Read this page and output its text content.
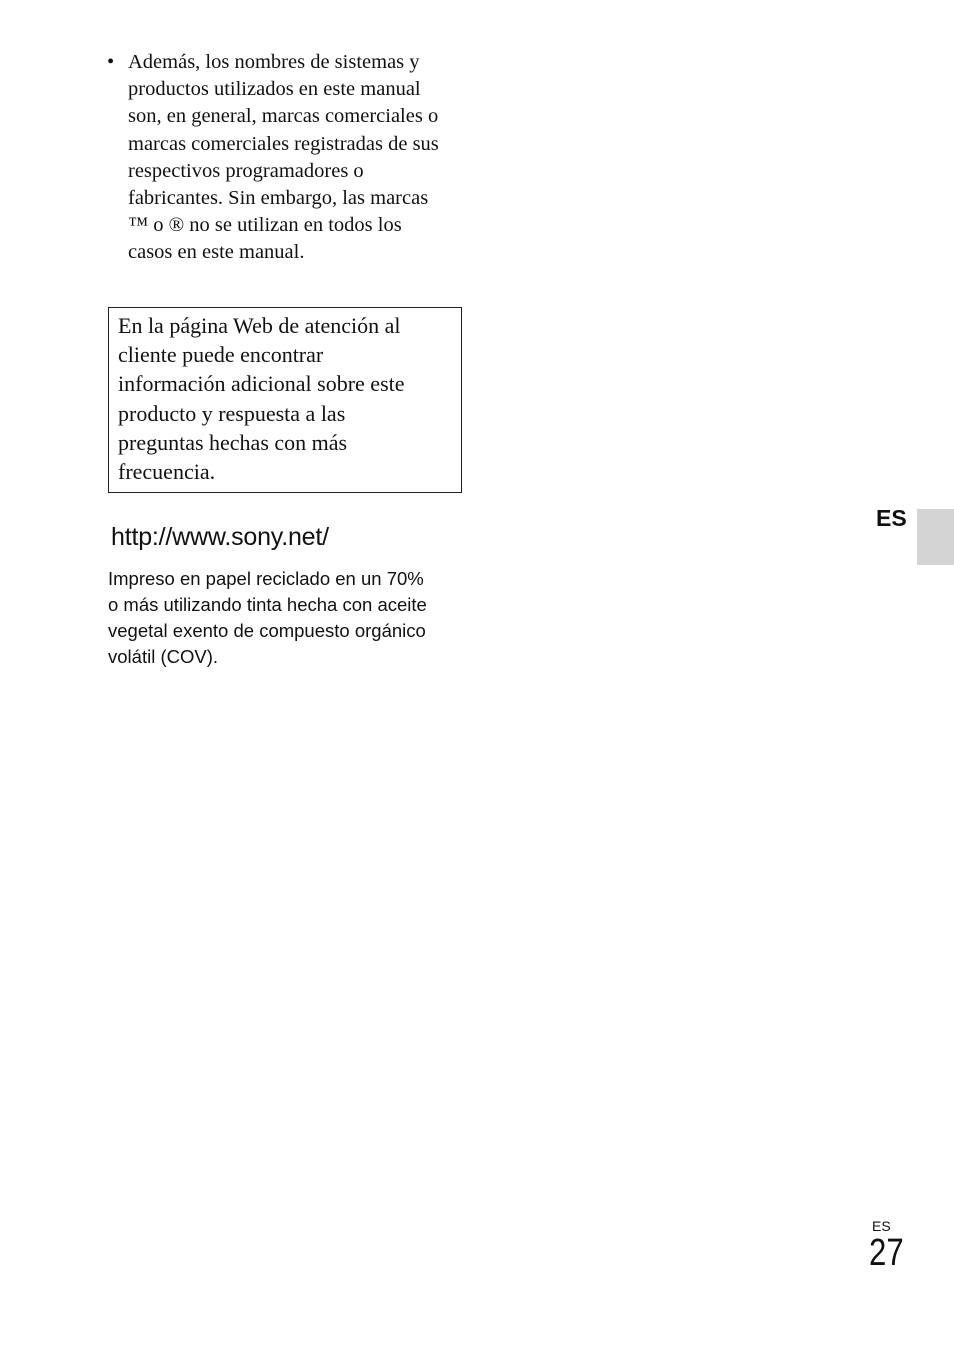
• Además, los nombres de sistemas y
productos utilizados en este manual
son, en general, marcas comerciales o
marcas comerciales registradas de sus
respectivos programadores o
fabricantes. Sin embargo, las marcas
™ o ® no se utilizan en todos los
casos en este manual.
En la página Web de atención al
cliente puede encontrar
información adicional sobre este
producto y respuesta a las
preguntas hechas con más
frecuencia.
http://www.sony.net/
Impreso en papel reciclado en un 70%
o más utilizando tinta hecha con aceite
vegetal exento de compuesto orgánico
volátil (COV).
ES
ES
27
